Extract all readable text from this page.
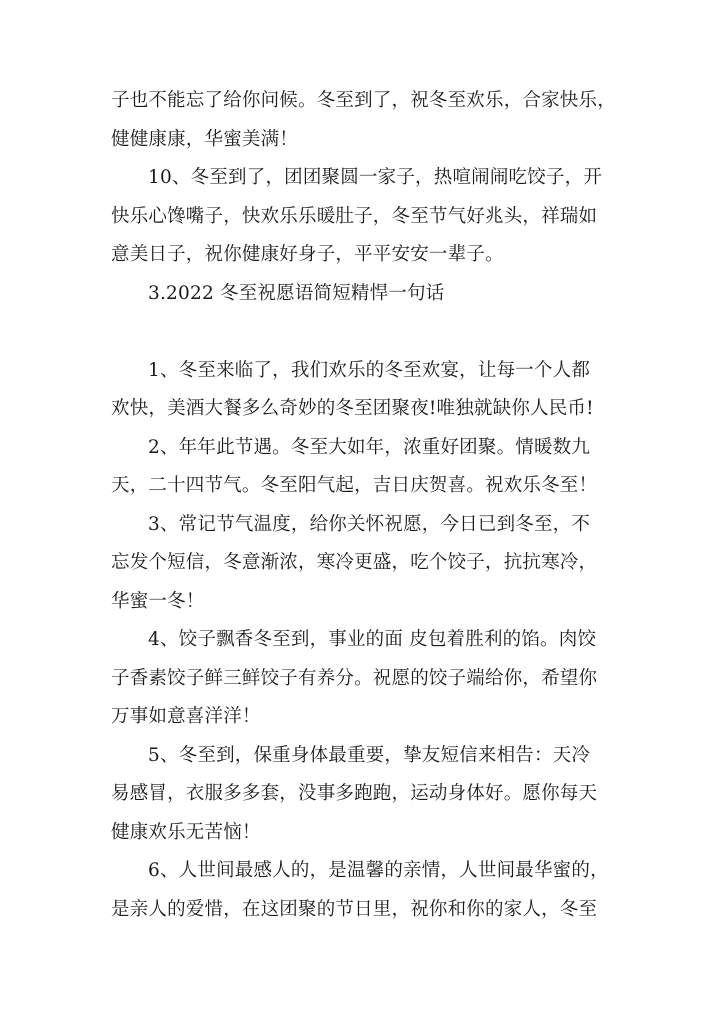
子也不能忘了给你问候。冬至到了，祝冬至欢乐，合家快乐，
健健康康，华蜜美满！
10、冬至到了，团团聚圆一家子，热喧闹闹吃饺子，开
快乐心馋嘴子，快欢乐乐暖肚子，冬至节气好兆头，祥瑞如
意美日子，祝你健康好身子，平平安安一辈子。
3.2022 冬至祝愿语简短精悍一句话
1、冬至来临了，我们欢乐的冬至欢宴，让每一个人都
欢快，美酒大餐多么奇妙的冬至团聚夜!唯独就缺你人民币!
2、年年此节遇。冬至大如年，浓重好团聚。情暖数九
天，二十四节气。冬至阳气起，吉日庆贺喜。祝欢乐冬至！
3、常记节气温度，给你关怀祝愿，今日已到冬至，不
忘发个短信，冬意渐浓，寒冷更盛，吃个饺子，抗抗寒冷，
华蜜一冬！
4、饺子飘香冬至到，事业的面 皮包着胜利的馅。肉饺
子香素饺子鲜三鲜饺子有养分。祝愿的饺子端给你，希望你
万事如意喜洋洋！
5、冬至到，保重身体最重要，挚友短信来相告：天冷
易感冒，衣服多多套，没事多跑跑，运动身体好。愿你每天
健康欢乐无苦恼！
6、人世间最感人的，是温馨的亲情，人世间最华蜜的，
是亲人的爱惜，在这团聚的节日里，祝你和你的家人，冬至
